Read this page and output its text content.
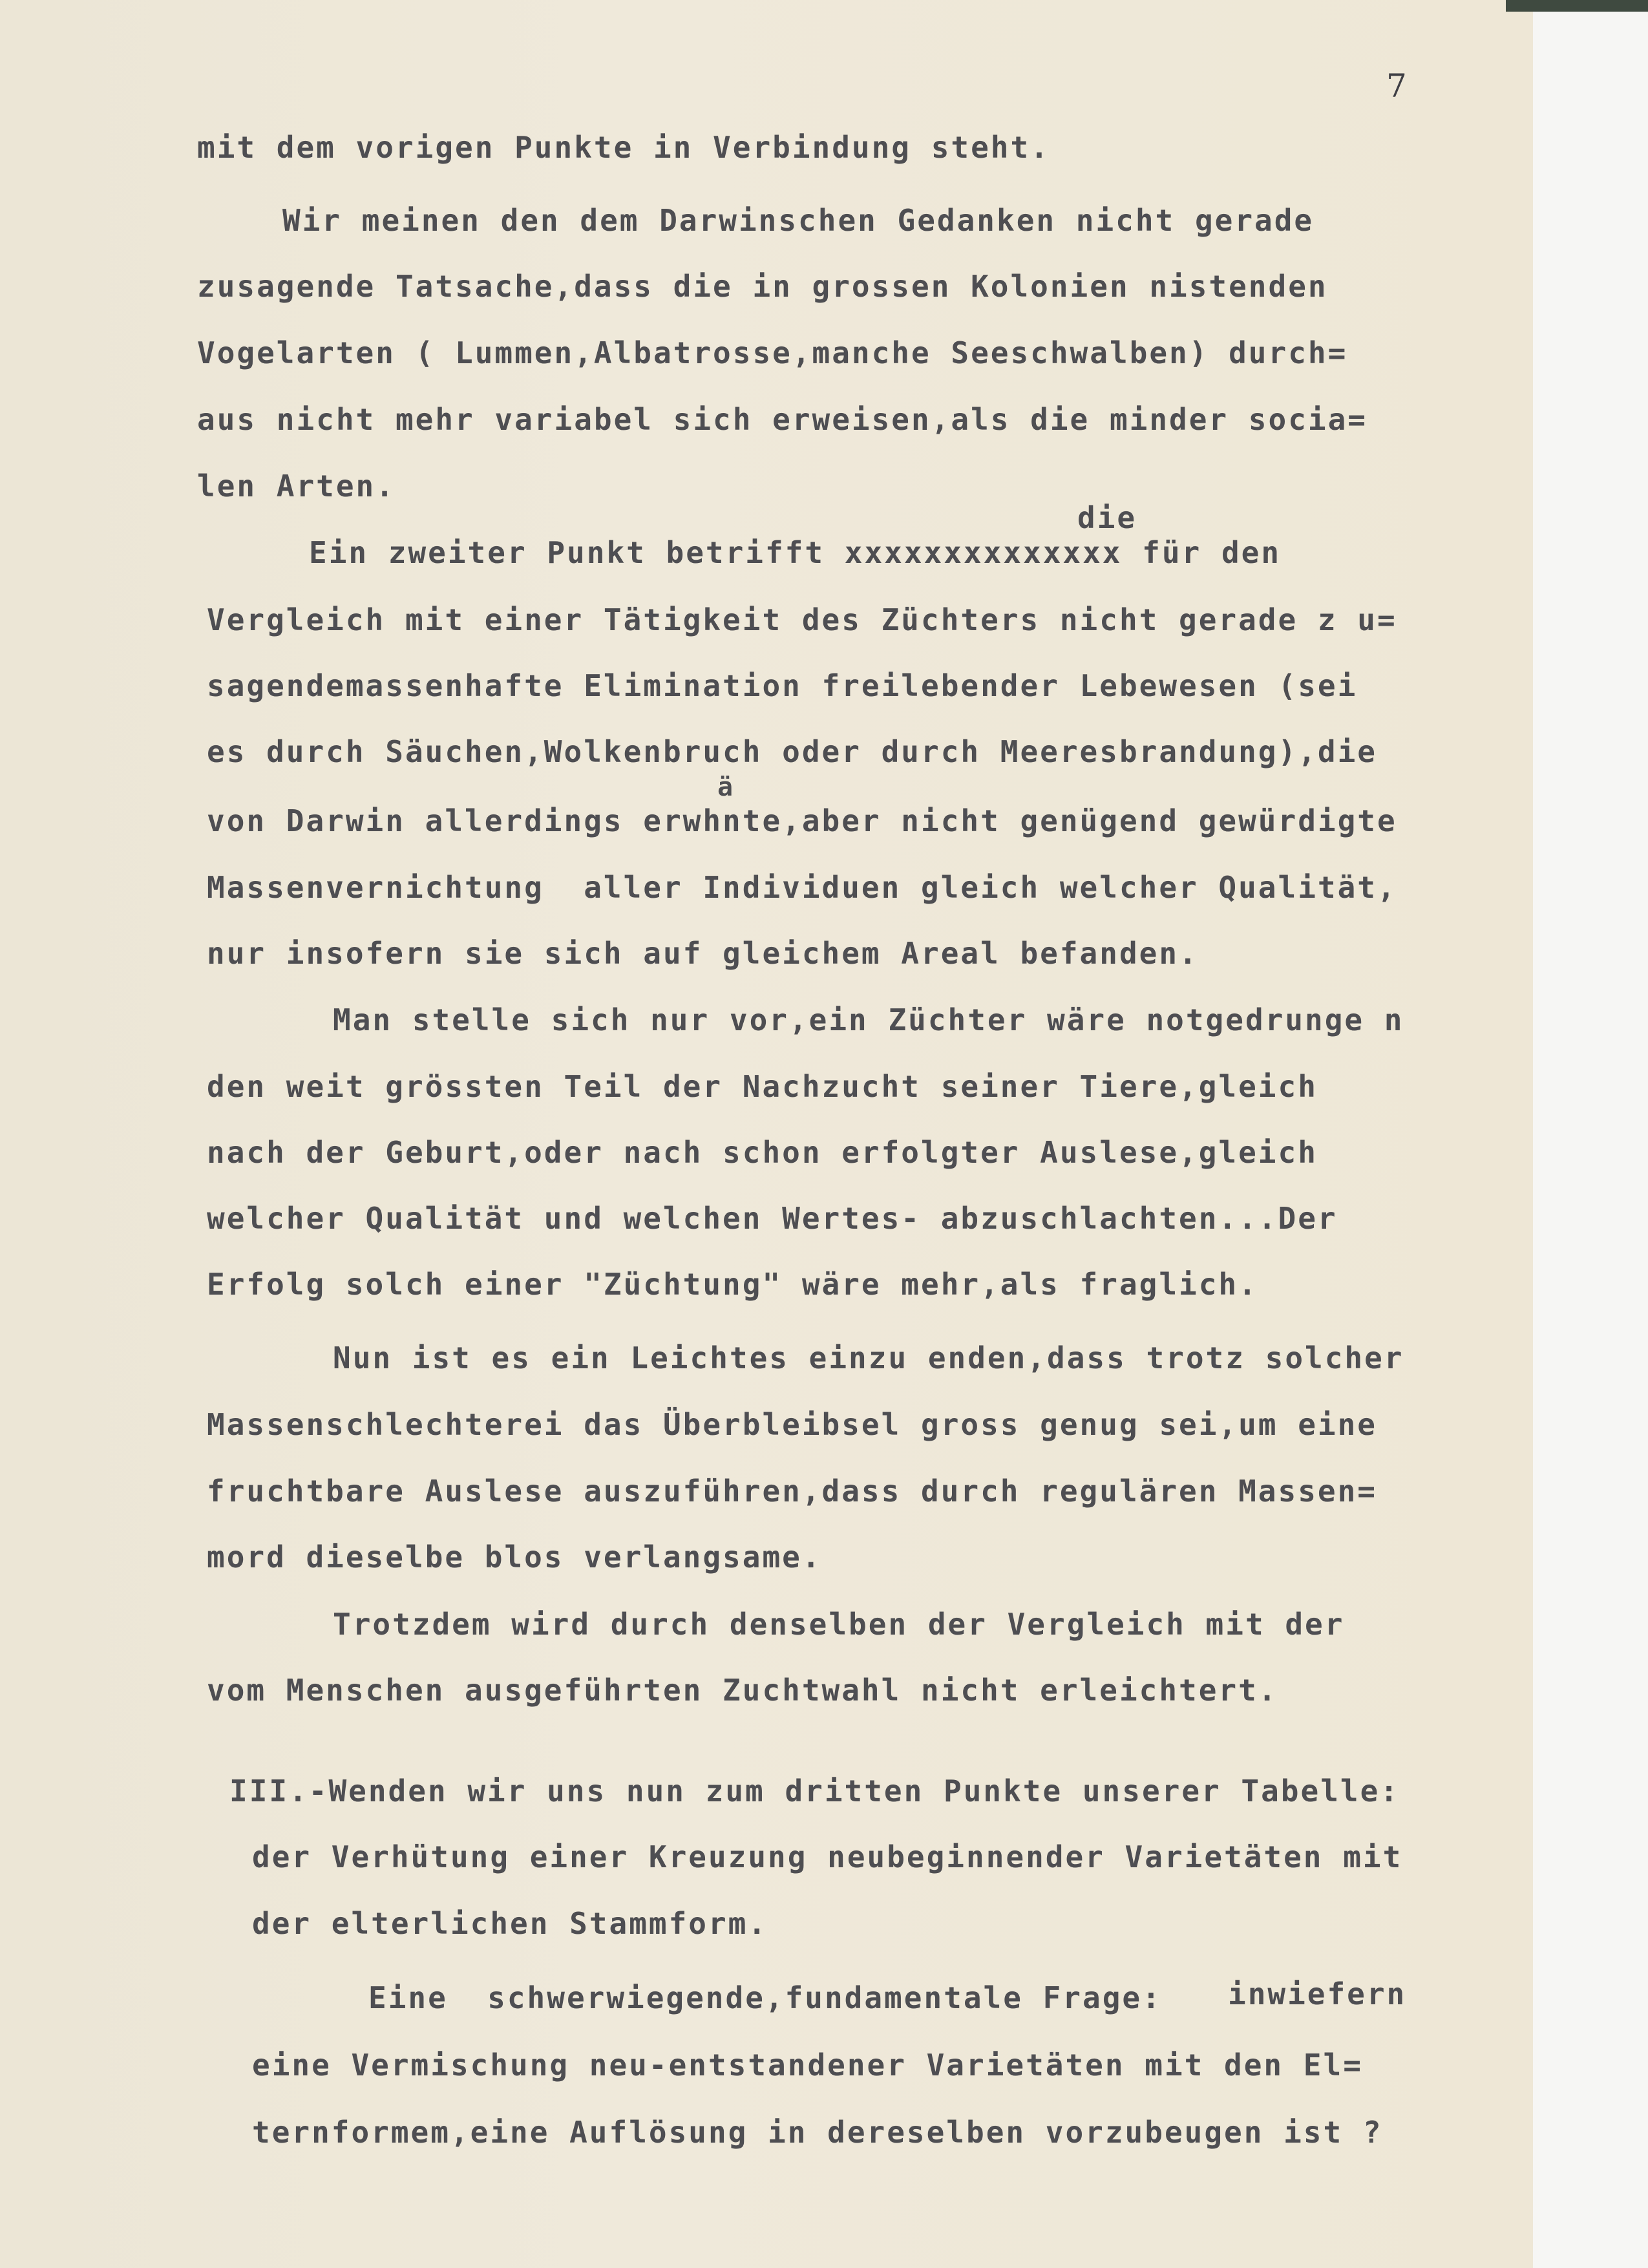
7
mit dem vorigen Punkte in Verbindung steht.
Wir meinen den dem Darwinschen Gedanken nicht gerade
zusagende Tatsache,dass die in grossen Kolonien nistenden
Vogelarten ( Lummen,Albatrosse,manche Seeschwalben) durch=
aus nicht mehr variabel sich erweisen,als die minder socia=
len Arten.
die
Ein zweiter Punkt betrifft xxxxxxxxxxxxxx für den
Vergleich mit einer Tätigkeit des Züchters nicht gerade z u=
sagendemassenhafte Elimination freilebender Lebewesen (sei
es durch Säuchen,Wolkenbruch oder durch Meeresbrandung),die
ä
von Darwin allerdings erwhnte,aber nicht genügend gewürdigte
Massenvernichtung  aller Individuen gleich welcher Qualität,
nur insofern sie sich auf gleichem Areal befanden.
Man stelle sich nur vor,ein Züchter wäre notgedrunge n
den weit grössten Teil der Nachzucht seiner Tiere,gleich
nach der Geburt,oder nach schon erfolgter Auslese,gleich
welcher Qualität und welchen Wertes- abzuschlachten...Der
Erfolg solch einer "Züchtung" wäre mehr,als fraglich.
Nun ist es ein Leichtes einzu enden,dass trotz solcher
Massenschlechterei das Überbleibsel gross genug sei,um eine
fruchtbare Auslese auszuführen,dass durch regulären Massen=
mord dieselbe blos verlangsame.
Trotzdem wird durch denselben der Vergleich mit der
vom Menschen ausgeführten Zuchtwahl nicht erleichtert.
III.-Wenden wir uns nun zum dritten Punkte unserer Tabelle:
der Verhütung einer Kreuzung neubeginnender Varietäten mit
der elterlichen Stammform.
Eine  schwerwiegende,fundamentale Frage: inwiefern
eine Vermischung neu-entstandener Varietäten mit den El=
ternformem,eine Auflösung in dereselben vorzubeugen ist ?
